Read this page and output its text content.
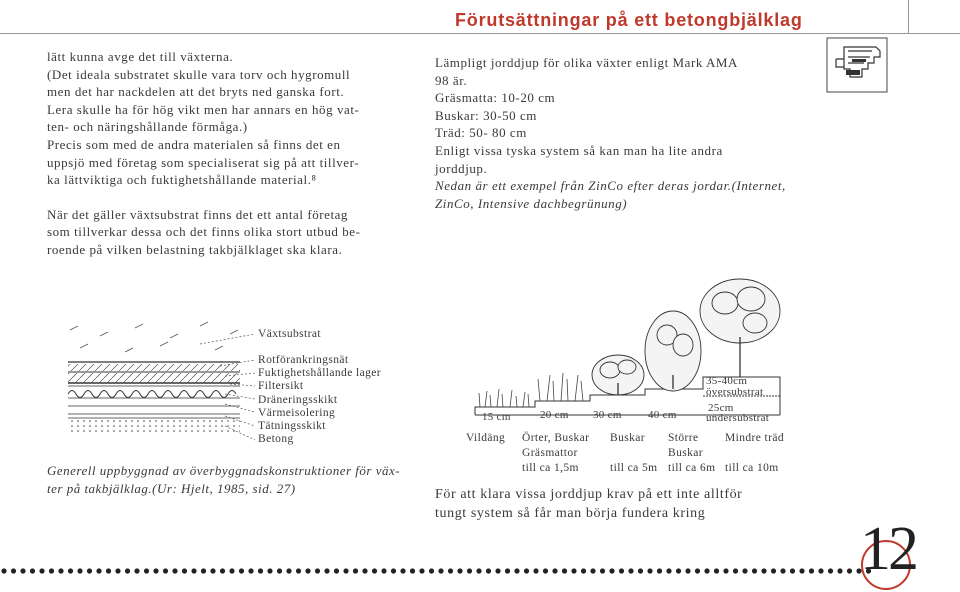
Förutsättningar på ett betongbjälklag

lätt kunna avge det till växterna.
(Det ideala substratet skulle vara torv och hygromull
men det har nackdelen att det bryts ned ganska fort.
Lera skulle ha för hög vikt men har annars en hög vat-
ten- och näringshållande förmåga.)
Precis som med de andra materialen så finns det en
uppsjö med företag som specialiserat sig på att tillver-
ka lättviktiga och fuktighetshållande material.⁸

När det gäller växtsubstrat finns det ett antal företag
som tillverkar dessa och det finns olika stort utbud be-
roende på vilken belastning takbjälklaget ska klara.

Lämpligt jorddjup för olika växter enligt Mark AMA
98 är.
Gräsmatta: 10-20 cm
Buskar: 30-50 cm
Träd: 50- 80 cm
Enligt vissa tyska system så kan man ha lite andra
jorddjup.

Nedan är ett exempel från ZinCo efter deras jordar.(Internet,
ZinCo, Intensive dachbegrünung)

Växtsubstrat
Rotförankringsnät
Fuktighetshållande lager
Filtersikt
Dräneringsskikt
Värmeisolering
Tätningsskikt
Betong

Generell uppbyggnad av överbyggnadskonstruktioner för väx-
ter på takbjälklag.(Ur: Hjelt, 1985, sid. 27)

15 cm	20 cm 30 cm 40 cm
35-40cm
översubstrat
25cm
undersubstrat
Vildäng Örter, Buskar
Gräsmattor
till ca 1,5m
Buskar

till ca 5m
Större
Buskar
till ca 6m
Mindre träd

till ca 10m

För att klara vissa jorddjup krav på ett inte alltför
tungt system så får man börja fundera kring

12
